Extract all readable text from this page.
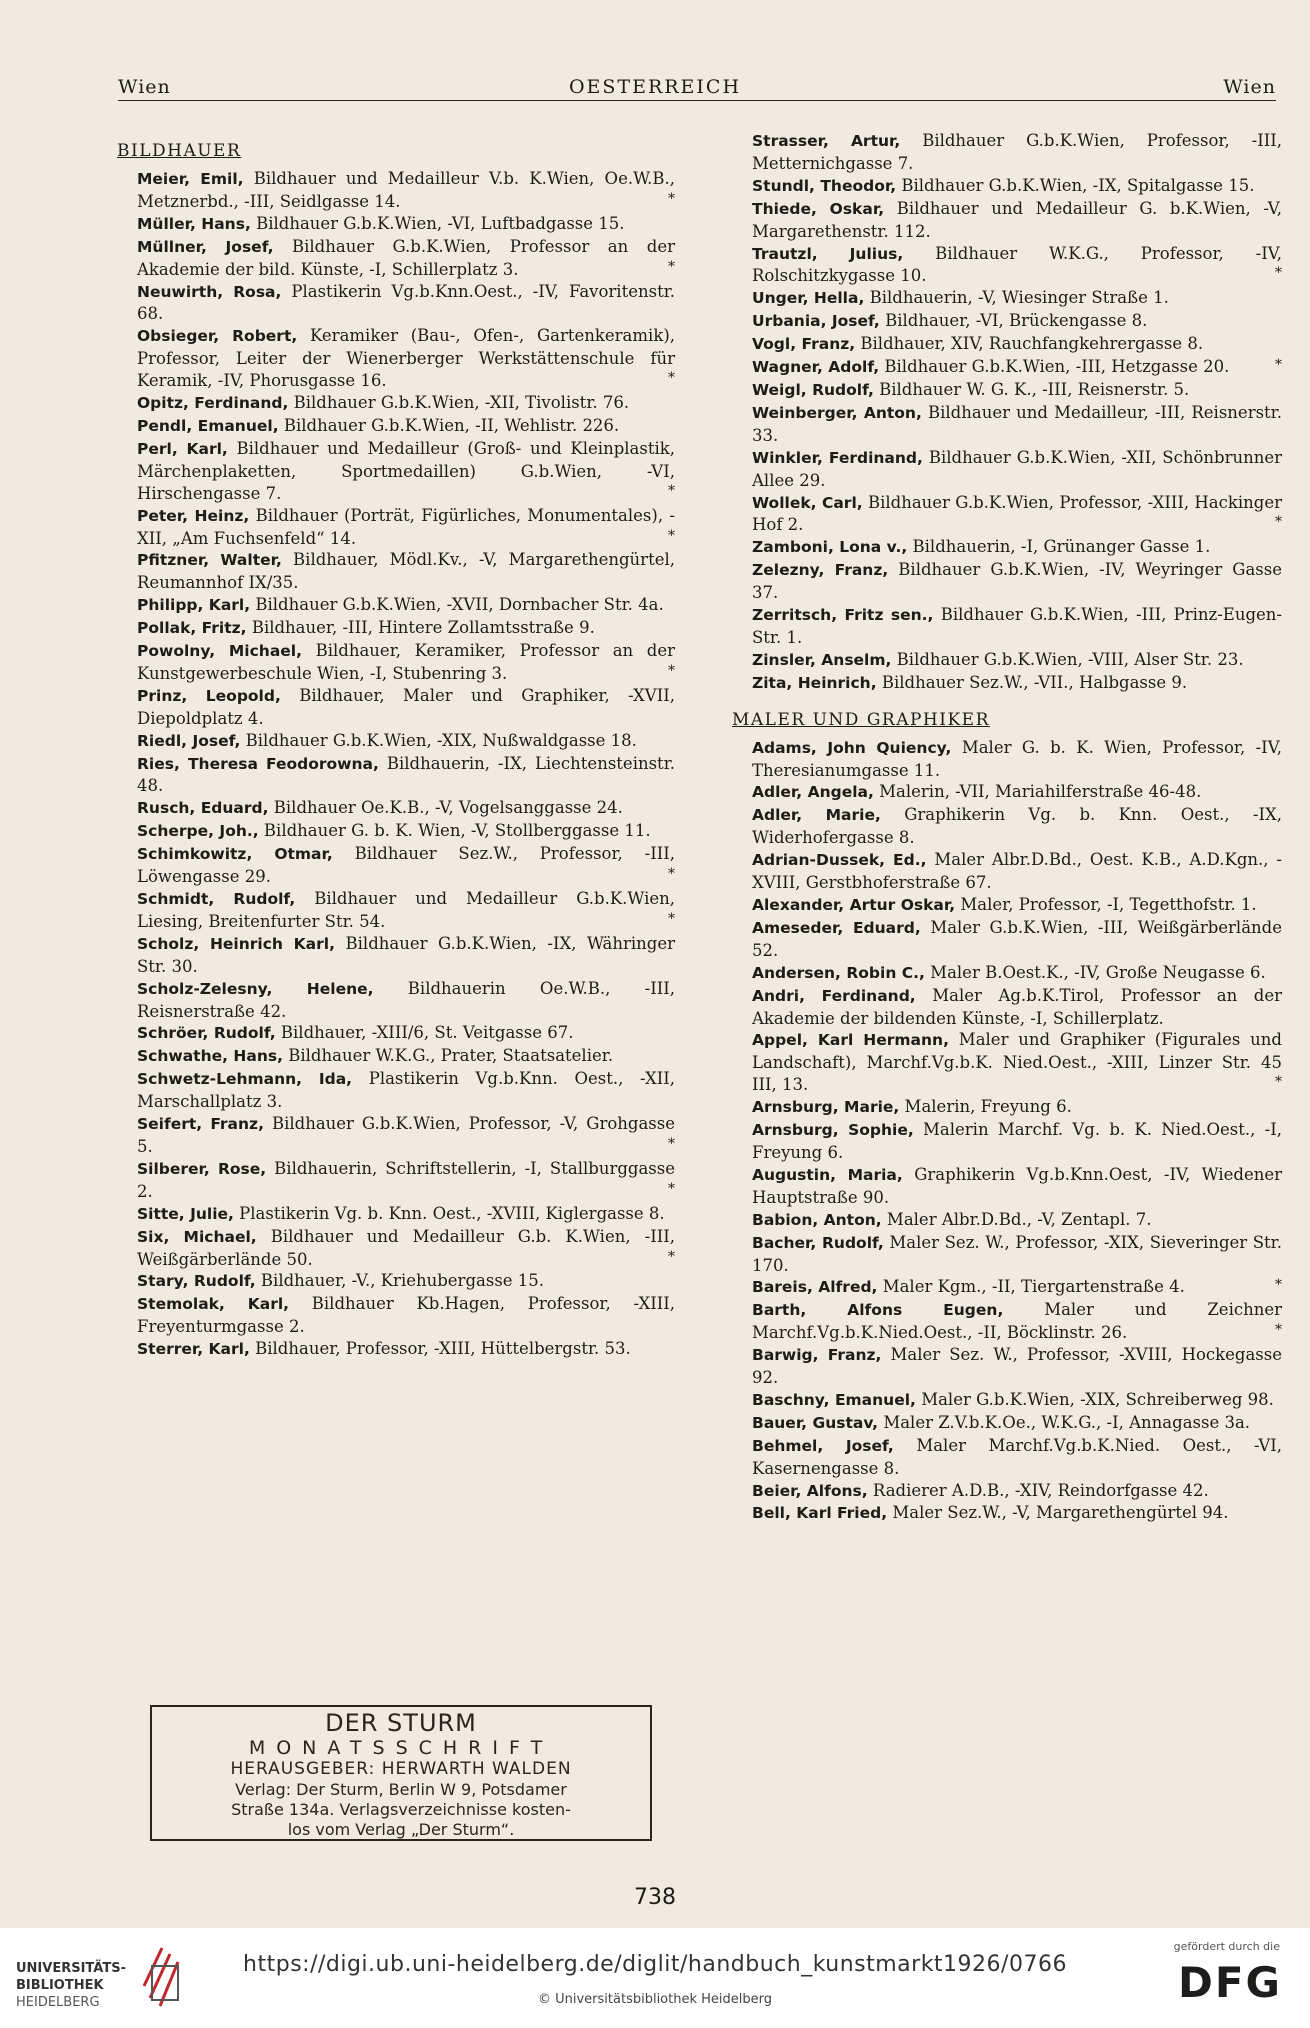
Wien	OESTERREICH	Wien
BILDHAUER

Meier, Emil, Bildhauer und Medailleur V.b. K.Wien, Oe.W.B., Metznerbd., -III, Seidlgasse 14.	*

Müller, Hans, Bildhauer G.b.K.Wien, -VI, Luftbadgasse 15.

Müllner, Josef, Bildhauer G.b.K.Wien, Professor an der Akademie der bild. Künste, -I, Schillerplatz 3.	*

Neuwirth, Rosa, Plastikerin Vg.b.Knn.Oest., -IV, Favoritenstr. 68.

Obsieger, Robert, Keramiker (Bau-, Ofen-, Gartenkeramik), Professor, Leiter der Wienerberger Werkstättenschule für Keramik, -IV, Phorusgasse 16.	*

Opitz, Ferdinand, Bildhauer G.b.K.Wien, -XII, Tivolistr. 76.

Pendl, Emanuel, Bildhauer G.b.K.Wien, -II, Wehlistr. 226.

Perl, Karl, Bildhauer und Medailleur (Groß- und Kleinplastik, Märchenplaketten, Sportmedaillen) G.b.Wien, -VI, Hirschengasse 7.	*

Peter, Heinz, Bildhauer (Porträt, Figürliches, Monumentales), -XII, „Am Fuchsenfeld“ 14.	*

Pfitzner, Walter, Bildhauer, Mödl.Kv., -V, Margarethengürtel, Reumannhof IX/35.

Philipp, Karl, Bildhauer G.b.K.Wien, -XVII, Dornbacher Str. 4a.

Pollak, Fritz, Bildhauer, -III, Hintere Zollamtsstraße 9.

Powolny, Michael, Bildhauer, Keramiker, Professor an der Kunstgewerbeschule Wien, -I, Stubenring 3.	*

Prinz, Leopold, Bildhauer, Maler und Graphiker, -XVII, Diepoldplatz 4.

Riedl, Josef, Bildhauer G.b.K.Wien, -XIX, Nußwaldgasse 18.

Ries, Theresa Feodorowna, Bildhauerin, -IX, Liechtensteinstr. 48.

Rusch, Eduard, Bildhauer Oe.K.B., -V, Vogelsanggasse 24.

Scherpe, Joh., Bildhauer G. b. K. Wien, -V, Stollberggasse 11.

Schimkowitz, Otmar, Bildhauer Sez.W., Professor, -III, Löwengasse 29.	*

Schmidt, Rudolf, Bildhauer und Medailleur G.b.K.Wien, Liesing, Breitenfurter Str. 54.	*

Scholz, Heinrich Karl, Bildhauer G.b.K.Wien, -IX, Währinger Str. 30.

Scholz-Zelesny, Helene, Bildhauerin Oe.W.B., -III, Reisnerstraße 42.

Schröer, Rudolf, Bildhauer, -XIII/6, St. Veitgasse 67.

Schwathe, Hans, Bildhauer W.K.G., Prater, Staatsatelier.

Schwetz-Lehmann, Ida, Plastikerin Vg.b.Knn. Oest., -XII, Marschallplatz 3.

Seifert, Franz, Bildhauer G.b.K.Wien, Professor, -V, Grohgasse 5.	*

Silberer, Rose, Bildhauerin, Schriftstellerin, -I, Stallburggasse 2.	*

Sitte, Julie, Plastikerin Vg. b. Knn. Oest., -XVIII, Kiglergasse 8.

Six, Michael, Bildhauer und Medailleur G.b. K.Wien, -III, Weißgärberlände 50.	*

Stary, Rudolf, Bildhauer, -V., Kriehubergasse 15.

Stemolak, Karl, Bildhauer Kb.Hagen, Professor, -XIII, Freyenturmgasse 2.

Sterrer, Karl, Bildhauer, Professor, -XIII, Hüttelbergstr. 53.

Strasser, Artur, Bildhauer G.b.K.Wien, Professor, -III, Metternichgasse 7.

Stundl, Theodor, Bildhauer G.b.K.Wien, -IX, Spitalgasse 15.

Thiede, Oskar, Bildhauer und Medailleur G. b.K.Wien, -V, Margarethenstr. 112.

Trautzl, Julius, Bildhauer W.K.G., Professor, -IV, Rolschitzkygasse 10.	*

Unger, Hella, Bildhauerin, -V, Wiesinger Straße 1.

Urbania, Josef, Bildhauer, -VI, Brückengasse 8.

Vogl, Franz, Bildhauer, XIV, Rauchfangkehrergasse 8.

Wagner, Adolf, Bildhauer G.b.K.Wien, -III, Hetzgasse 20.	*

Weigl, Rudolf, Bildhauer W. G. K., -III, Reisnerstr. 5.

Weinberger, Anton, Bildhauer und Medailleur, -III, Reisnerstr. 33.

Winkler, Ferdinand, Bildhauer G.b.K.Wien, -XII, Schönbrunner Allee 29.

Wollek, Carl, Bildhauer G.b.K.Wien, Professor, -XIII, Hackinger Hof 2.	*

Zamboni, Lona v., Bildhauerin, -I, Grünanger Gasse 1.

Zelezny, Franz, Bildhauer G.b.K.Wien, -IV, Weyringer Gasse 37.

Zerritsch, Fritz sen., Bildhauer G.b.K.Wien, -III, Prinz-Eugen-Str. 1.

Zinsler, Anselm, Bildhauer G.b.K.Wien, -VIII, Alser Str. 23.

Zita, Heinrich, Bildhauer Sez.W., -VII., Halbgasse 9.

MALER UND GRAPHIKER

Adams, John Quiency, Maler G. b. K. Wien, Professor, -IV, Theresianumgasse 11.

Adler, Angela, Malerin, -VII, Mariahilferstraße 46-48.

Adler, Marie, Graphikerin Vg. b. Knn. Oest., -IX, Widerhofergasse 8.

Adrian-Dussek, Ed., Maler Albr.D.Bd., Oest. K.B., A.D.Kgn., -XVIII, Gerstbhoferstraße 67.

Alexander, Artur Oskar, Maler, Professor, -I, Tegetthofstr. 1.

Ameseder, Eduard, Maler G.b.K.Wien, -III, Weißgärberlände 52.

Andersen, Robin C., Maler B.Oest.K., -IV, Große Neugasse 6.

Andri, Ferdinand, Maler Ag.b.K.Tirol, Professor an der Akademie der bildenden Künste, -I, Schillerplatz.

Appel, Karl Hermann, Maler und Graphiker (Figurales und Landschaft), Marchf.Vg.b.K. Nied.Oest., -XIII, Linzer Str. 45 III, 13.	*

Arnsburg, Marie, Malerin, Freyung 6.

Arnsburg, Sophie, Malerin Marchf. Vg. b. K. Nied.Oest., -I, Freyung 6.

Augustin, Maria, Graphikerin Vg.b.Knn.Oest, -IV, Wiedener Hauptstraße 90.

Babion, Anton, Maler Albr.D.Bd., -V, Zentapl. 7.

Bacher, Rudolf, Maler Sez. W., Professor, -XIX, Sieveringer Str. 170.

Bareis, Alfred, Maler Kgm., -II, Tiergartenstraße 4.	*

Barth, Alfons Eugen, Maler und Zeichner Marchf.Vg.b.K.Nied.Oest., -II, Böcklinstr. 26.	*

Barwig, Franz, Maler Sez. W., Professor, -XVIII, Hockegasse 92.

Baschny, Emanuel, Maler G.b.K.Wien, -XIX, Schreiberweg 98.

Bauer, Gustav, Maler Z.V.b.K.Oe., W.K.G., -I, Annagasse 3a.

Behmel, Josef, Maler Marchf.Vg.b.K.Nied. Oest., -VI, Kasernengasse 8.

Beier, Alfons, Radierer A.D.B., -XIV, Reindorfgasse 42.

Bell, Karl Fried, Maler Sez.W., -V, Margarethengürtel 94.

DER STURM
MONATSSCHRIFT
HERAUSGEBER: HERWARTH WALDEN
Verlag: Der Sturm, Berlin W 9, Potsdamer
Straße 134a. Verlagsverzeichnisse kosten-
los vom Verlag „Der Sturm“.
738
UNIVERSITÄTS-
BIBLIOTHEK
HEIDELBERG
https://digi.ub.uni-heidelberg.de/diglit/handbuch_kunstmarkt1926/0766
© Universitätsbibliothek Heidelberg
gefördert durch die
DFG
